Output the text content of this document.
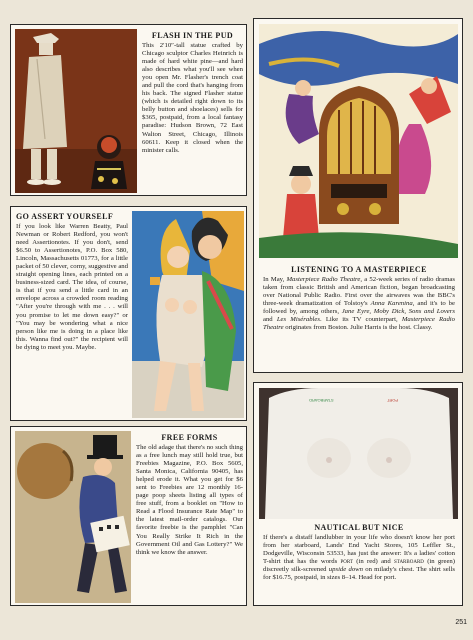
FLASH IN THE PUD
This 2′10″-tall statue crafted by Chicago sculptor Charles Heinrich is made of hard white pine—and hard also describes what you'll see when you open Mr. Flasher's trench coat and pull the cord that's hanging from his back. The signed Flasher statue (which is detailed right down to its belly button and shoelaces) sells for $365, postpaid, from a local fantasy paradise: Hudson Brown, 72 East Walton Street, Chicago, Illinois 60611. Keep it closed when the minister calls.
LISTENING TO A MASTERPIECE
In May, Masterpiece Radio Theatre, a 52-week series of radio dramas taken from classic British and American fiction, began broadcasting over National Public Radio. First over the airwaves was the BBC's three-week dramatization of Tolstoy's Anna Karenina, and it's to be followed by, among others, Jane Eyre, Moby Dick, Sons and Lovers and Les Misérables. Like its TV counterpart, Masterpiece Radio Theatre originates from Boston. Julie Harris is the host. Classy.
GO ASSERT YOURSELF
If you look like Warren Beatty, Paul Newman or Robert Redford, you won't need Assertionotes. If you don't, send $6.50 to Assertionotes, P.O. Box 580, Lincoln, Massachusetts 01773, for a little packet of 50 clever, corny, suggestive and straight opening lines, each printed on a business-sized card. The idea, of course, is that if you send a little card in an envelope across a crowded room reading "After you're through with me . . . will you promise to let me down easy?" or "You may be wondering what a nice person like me is doing in a place like this. Wanna find out?" the recipient will be dying to meet you. Maybe.
FREE FORMS
The old adage that there's no such thing as a free lunch may still hold true, but Freebies Magazine, P.O. Box 5605, Santa Monica, California 90405, has helped erode it. What you get for $6 sent to Freebies are 12 monthly 16-page poop sheets listing all types of free stuff, from a booklet on "How to Read a Flood Insurance Rate Map" to the latest mail-order catalogs. Our favorite freebie is the pamphlet "Can You Really Strike It Rich in the Government Oil and Gas Lottery?" We think we know the answer.
STARBOARD	PORT
NAUTICAL BUT NICE
If there's a distaff landlubber in your life who doesn't know her port from her starboard, Lands' End Yacht Stores, 105 Leffler St., Dodgeville, Wisconsin 53533, has just the answer: It's a ladies' cotton T-shirt that has the words port (in red) and starboard (in green) discreetly silk-screened upside down on milady's chest. The shirt sells for $16.75, postpaid, in sizes 8–14. Head for port.
251
